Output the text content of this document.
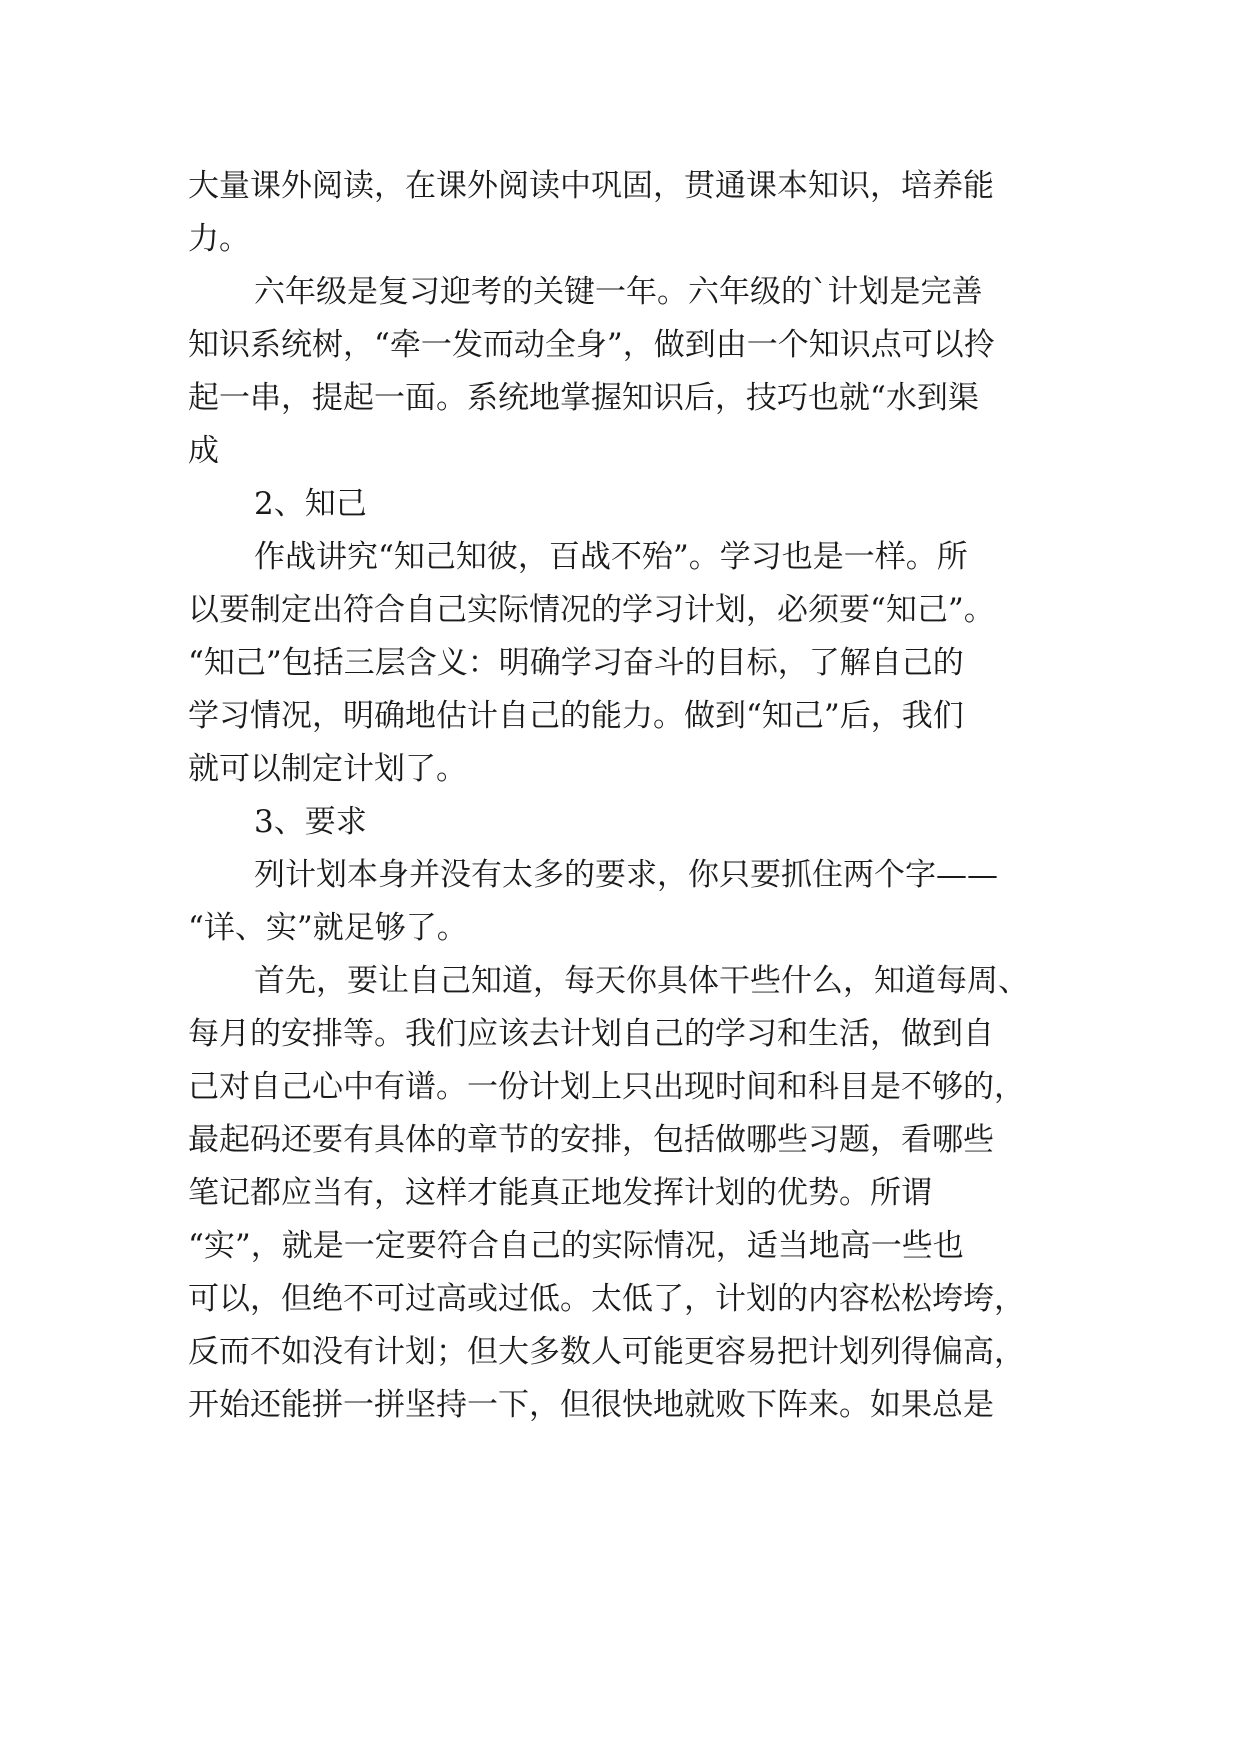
大量课外阅读，在课外阅读中巩固，贯通课本知识，培养能
力。
六年级是复习迎考的关键一年。六年级的`计划是完善
知识系统树，“牵一发而动全身”，做到由一个知识点可以拎
起一串，提起一面。系统地掌握知识后，技巧也就“水到渠
成
2、知己
作战讲究“知己知彼，百战不殆”。学习也是一样。所
以要制定出符合自己实际情况的学习计划，必须要“知己”。
“知己”包括三层含义：明确学习奋斗的目标，了解自己的
学习情况，明确地估计自己的能力。做到“知己”后，我们
就可以制定计划了。
3、要求
列计划本身并没有太多的要求，你只要抓住两个字——
“详、实”就足够了。
首先，要让自己知道，每天你具体干些什么，知道每周、
每月的安排等。我们应该去计划自己的学习和生活，做到自
己对自己心中有谱。一份计划上只出现时间和科目是不够的，
最起码还要有具体的章节的安排，包括做哪些习题，看哪些
笔记都应当有，这样才能真正地发挥计划的优势。所谓
“实”，就是一定要符合自己的实际情况，适当地高一些也
可以，但绝不可过高或过低。太低了，计划的内容松松垮垮，
反而不如没有计划；但大多数人可能更容易把计划列得偏高，
开始还能拼一拼坚持一下，但很快地就败下阵来。如果总是
